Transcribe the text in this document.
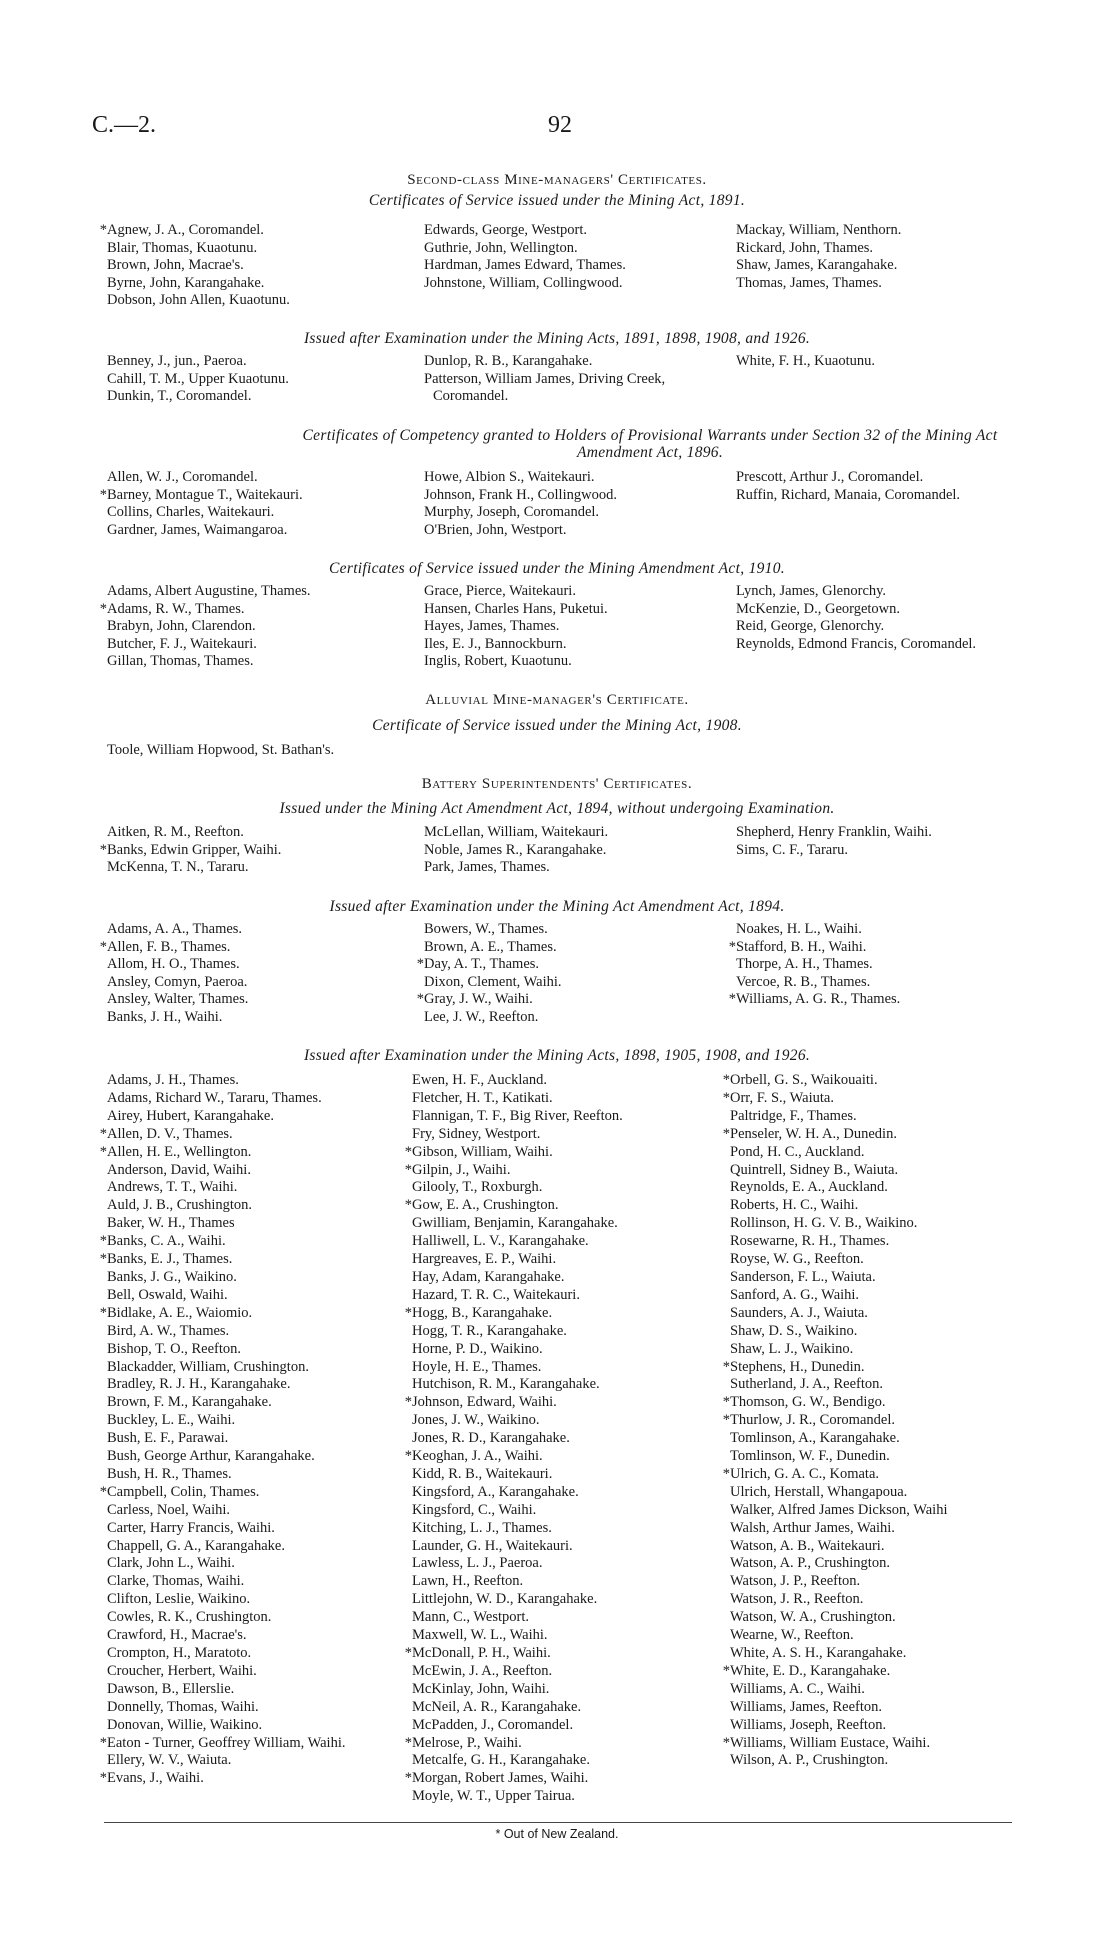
C.—2.	92
Second-class Mine-managers' Certificates.
Certificates of Service issued under the Mining Act, 1891.
*Agnew, J. A., Coromandel.
Blair, Thomas, Kuaotunu.
Brown, John, Macrae's.
Byrne, John, Karangahake.
Dobson, John Allen, Kuaotunu.
Edwards, George, Westport.
Guthrie, John, Wellington.
Hardman, James Edward, Thames.
Johnstone, William, Collingwood.
Mackay, William, Nenthorn.
Rickard, John, Thames.
Shaw, James, Karangahake.
Thomas, James, Thames.
Issued after Examination under the Mining Acts, 1891, 1898, 1908, and 1926.
Benney, J., jun., Paeroa.
Cahill, T. M., Upper Kuaotunu.
Dunkin, T., Coromandel.
Dunlop, R. B., Karangahake.
Patterson, William James, Driving Creek, Coromandel.
White, F. H., Kuaotunu.
Certificates of Competency granted to Holders of Provisional Warrants under Section 32 of the Mining Act Amendment Act, 1896.
Allen, W. J., Coromandel.
*Barney, Montague T., Waitekauri.
Collins, Charles, Waitekauri.
Gardner, James, Waimangaroa.
Howe, Albion S., Waitekauri.
Johnson, Frank H., Collingwood.
Murphy, Joseph, Coromandel.
O'Brien, John, Westport.
Prescott, Arthur J., Coromandel.
Ruffin, Richard, Manaia, Coromandel.
Certificates of Service issued under the Mining Amendment Act, 1910.
Adams, Albert Augustine, Thames.
*Adams, R. W., Thames.
Brabyn, John, Clarendon.
Butcher, F. J., Waitekauri.
Gillan, Thomas, Thames.
Grace, Pierce, Waitekauri.
Hansen, Charles Hans, Puketui.
Hayes, James, Thames.
Iles, E. J., Bannockburn.
Inglis, Robert, Kuaotunu.
Lynch, James, Glenorchy.
McKenzie, D., Georgetown.
Reid, George, Glenorchy.
Reynolds, Edmond Francis, Coromandel.
Alluvial Mine-manager's Certificate.
Certificate of Service issued under the Mining Act, 1908.
Toole, William Hopwood, St. Bathan's.
Battery Superintendents' Certificates.
Issued under the Mining Act Amendment Act, 1894, without undergoing Examination.
Aitken, R. M., Reefton.
*Banks, Edwin Gripper, Waihi.
McKenna, T. N., Tararu.
McLellan, William, Waitekauri.
Noble, James R., Karangahake.
Park, James, Thames.
Shepherd, Henry Franklin, Waihi.
Sims, C. F., Tararu.
Issued after Examination under the Mining Act Amendment Act, 1894.
Adams, A. A., Thames.
*Allen, F. B., Thames.
Allom, H. O., Thames.
Ansley, Comyn, Paeroa.
Ansley, Walter, Thames.
Banks, J. H., Waihi.
Bowers, W., Thames.
Brown, A. E., Thames.
*Day, A. T., Thames.
Dixon, Clement, Waihi.
*Gray, J. W., Waihi.
Lee, J. W., Reefton.
Noakes, H. L., Waihi.
*Stafford, B. H., Waihi.
Thorpe, A. H., Thames.
Vercoe, R. B., Thames.
*Williams, A. G. R., Thames.
Issued after Examination under the Mining Acts, 1898, 1905, 1908, and 1926.
Adams, J. H., Thames.
Adams, Richard W., Tararu, Thames.
Airey, Hubert, Karangahake.
*Allen, D. V., Thames.
*Allen, H. E., Wellington.
Anderson, David, Waihi.
Andrews, T. T., Waihi.
Auld, J. B., Crushington.
Baker, W. H., Thames
*Banks, C. A., Waihi.
*Banks, E. J., Thames.
Banks, J. G., Waikino.
Bell, Oswald, Waihi.
*Bidlake, A. E., Waiomio.
Bird, A. W., Thames.
Bishop, T. O., Reefton.
Blackadder, William, Crushington.
Bradley, R. J. H., Karangahake.
Brown, F. M., Karangahake.
Buckley, L. E., Waihi.
Bush, E. F., Parawai.
Bush, George Arthur, Karangahake.
Bush, H. R., Thames.
*Campbell, Colin, Thames.
Carless, Noel, Waihi.
Carter, Harry Francis, Waihi.
Chappell, G. A., Karangahake.
Clark, John L., Waihi.
Clarke, Thomas, Waihi.
Clifton, Leslie, Waikino.
Cowles, R. K., Crushington.
Crawford, H., Macrae's.
Crompton, H., Maratoto.
Croucher, Herbert, Waihi.
Dawson, B., Ellerslie.
Donnelly, Thomas, Waihi.
Donovan, Willie, Waikino.
*Eaton - Turner, Geoffrey William, Waihi.
Ellery, W. V., Waiuta.
*Evans, J., Waihi.
Ewen, H. F., Auckland.
Fletcher, H. T., Katikati.
Flannigan, T. F., Big River, Reefton.
Fry, Sidney, Westport.
*Gibson, William, Waihi.
*Gilpin, J., Waihi.
Gilooly, T., Roxburgh.
*Gow, E. A., Crushington.
Gwilliam, Benjamin, Karangahake.
Halliwell, L. V., Karangahake.
Hargreaves, E. P., Waihi.
Hay, Adam, Karangahake.
Hazard, T. R. C., Waitekauri.
*Hogg, B., Karangahake.
Hogg, T. R., Karangahake.
Horne, P. D., Waikino.
Hoyle, H. E., Thames.
Hutchison, R. M., Karangahake.
*Johnson, Edward, Waihi.
Jones, J. W., Waikino.
Jones, R. D., Karangahake.
*Keoghan, J. A., Waihi.
Kidd, R. B., Waitekauri.
Kingsford, A., Karangahake.
Kingsford, C., Waihi.
Kitching, L. J., Thames.
Launder, G. H., Waitekauri.
Lawless, L. J., Paeroa.
Lawn, H., Reefton.
Littlejohn, W. D., Karangahake.
Mann, C., Westport.
Maxwell, W. L., Waihi.
*McDonall, P. H., Waihi.
McEwin, J. A., Reefton.
McKinlay, John, Waihi.
McNeil, A. R., Karangahake.
McPadden, J., Coromandel.
*Melrose, P., Waihi.
Metcalfe, G. H., Karangahake.
*Morgan, Robert James, Waihi.
Moyle, W. T., Upper Tairua.
*Orbell, G. S., Waikouaiti.
*Orr, F. S., Waiuta.
Paltridge, F., Thames.
*Penseler, W. H. A., Dunedin.
Pond, H. C., Auckland.
Quintrell, Sidney B., Waiuta.
Reynolds, E. A., Auckland.
Roberts, H. C., Waihi.
Rollinson, H. G. V. B., Waikino.
Rosewarne, R. H., Thames.
Royse, W. G., Reefton.
Sanderson, F. L., Waiuta.
Sanford, A. G., Waihi.
Saunders, A. J., Waiuta.
Shaw, D. S., Waikino.
Shaw, L. J., Waikino.
*Stephens, H., Dunedin.
Sutherland, J. A., Reefton.
*Thomson, G. W., Bendigo.
*Thurlow, J. R., Coromandel.
Tomlinson, A., Karangahake.
Tomlinson, W. F., Dunedin.
*Ulrich, G. A. C., Komata.
Ulrich, Herstall, Whangapoua.
Walker, Alfred James Dickson, Waihi
Walsh, Arthur James, Waihi.
Watson, A. B., Waitekauri.
Watson, A. P., Crushington.
Watson, J. P., Reefton.
Watson, J. R., Reefton.
Watson, W. A., Crushington.
Wearne, W., Reefton.
White, A. S. H., Karangahake.
*White, E. D., Karangahake.
Williams, A. C., Waihi.
Williams, James, Reefton.
Williams, Joseph, Reefton.
*Williams, William Eustace, Waihi.
Wilson, A. P., Crushington.
* Out of New Zealand.
